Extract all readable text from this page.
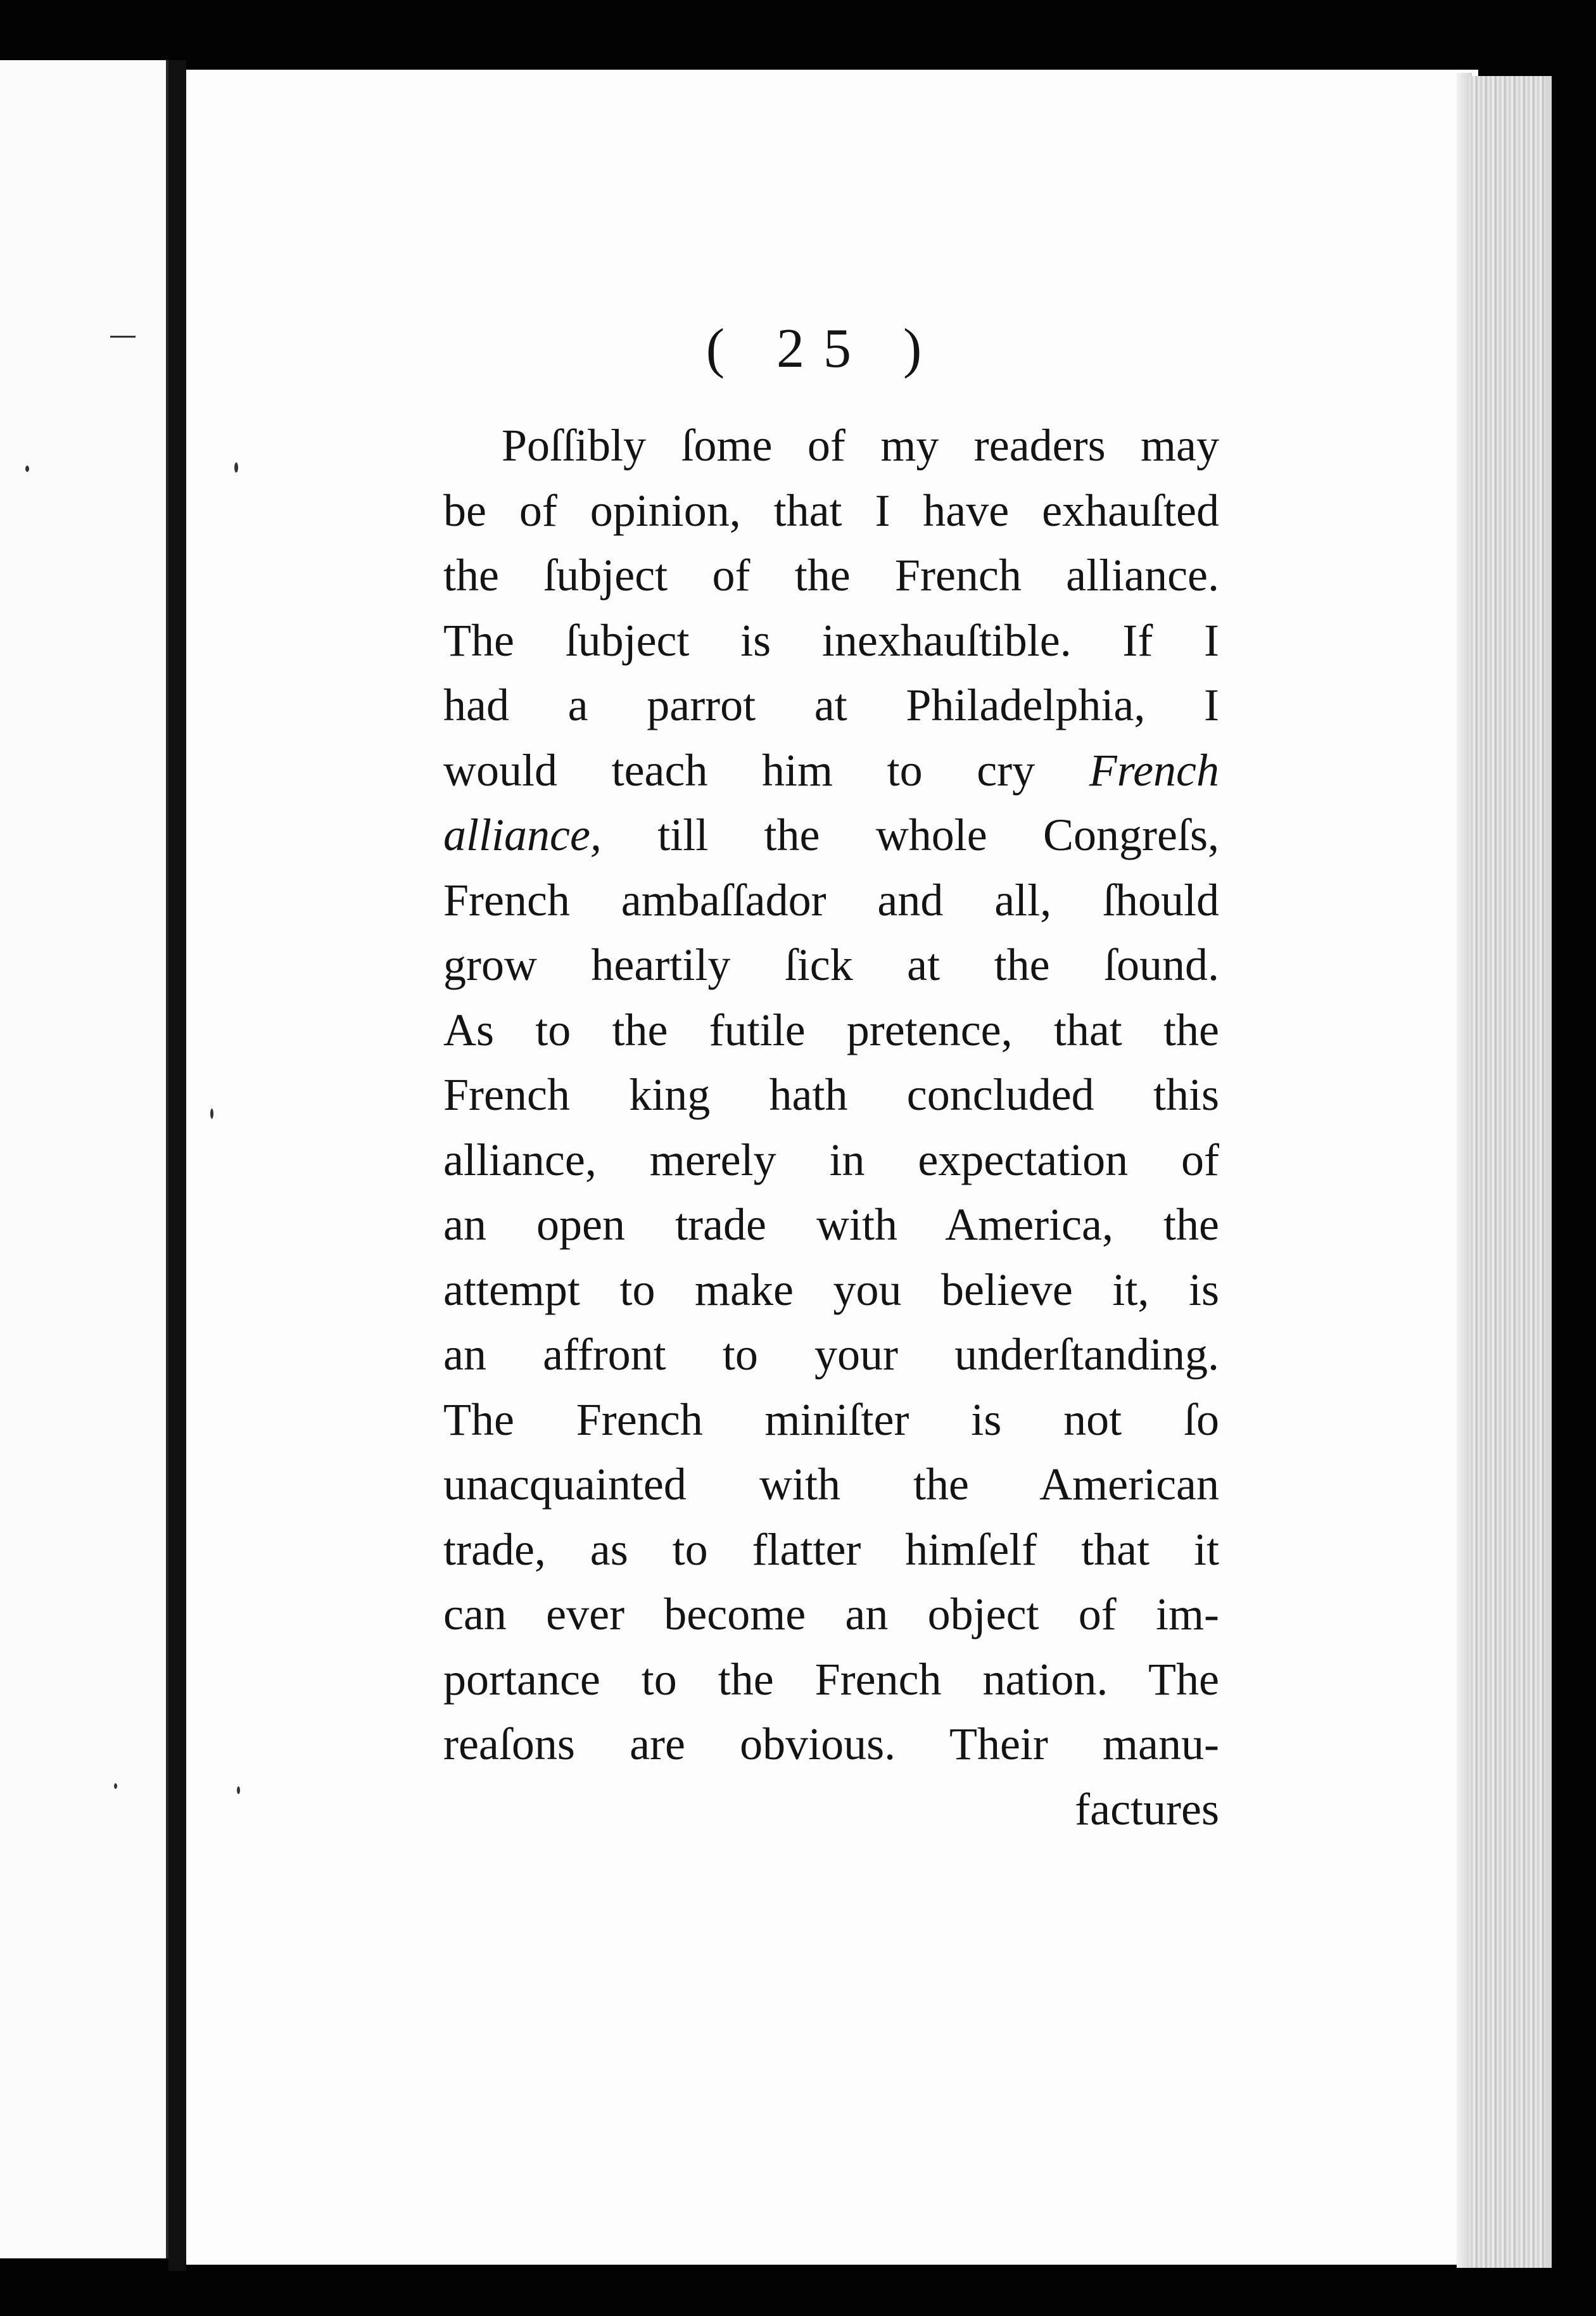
( 25 )
Poſſibly ſome of my readers may
be of opinion, that I have exhauſted
the ſubject of the French alliance.
The ſubject is inexhauſtible. If I
had a parrot at Philadelphia, I
would teach him to cry French
alliance, till the whole Congreſs,
French ambaſſador and all, ſhould
grow heartily ſick at the ſound.
As to the futile pretence, that the
French king hath concluded this
alliance, merely in expectation of
an open trade with America, the
attempt to make you believe it, is
an affront to your underſtanding.
The French miniſter is not ſo
unacquainted with the American
trade, as to flatter himſelf that it
can ever become an object of im-
portance to the French nation. The
reaſons are obvious. Their manu-
factures
